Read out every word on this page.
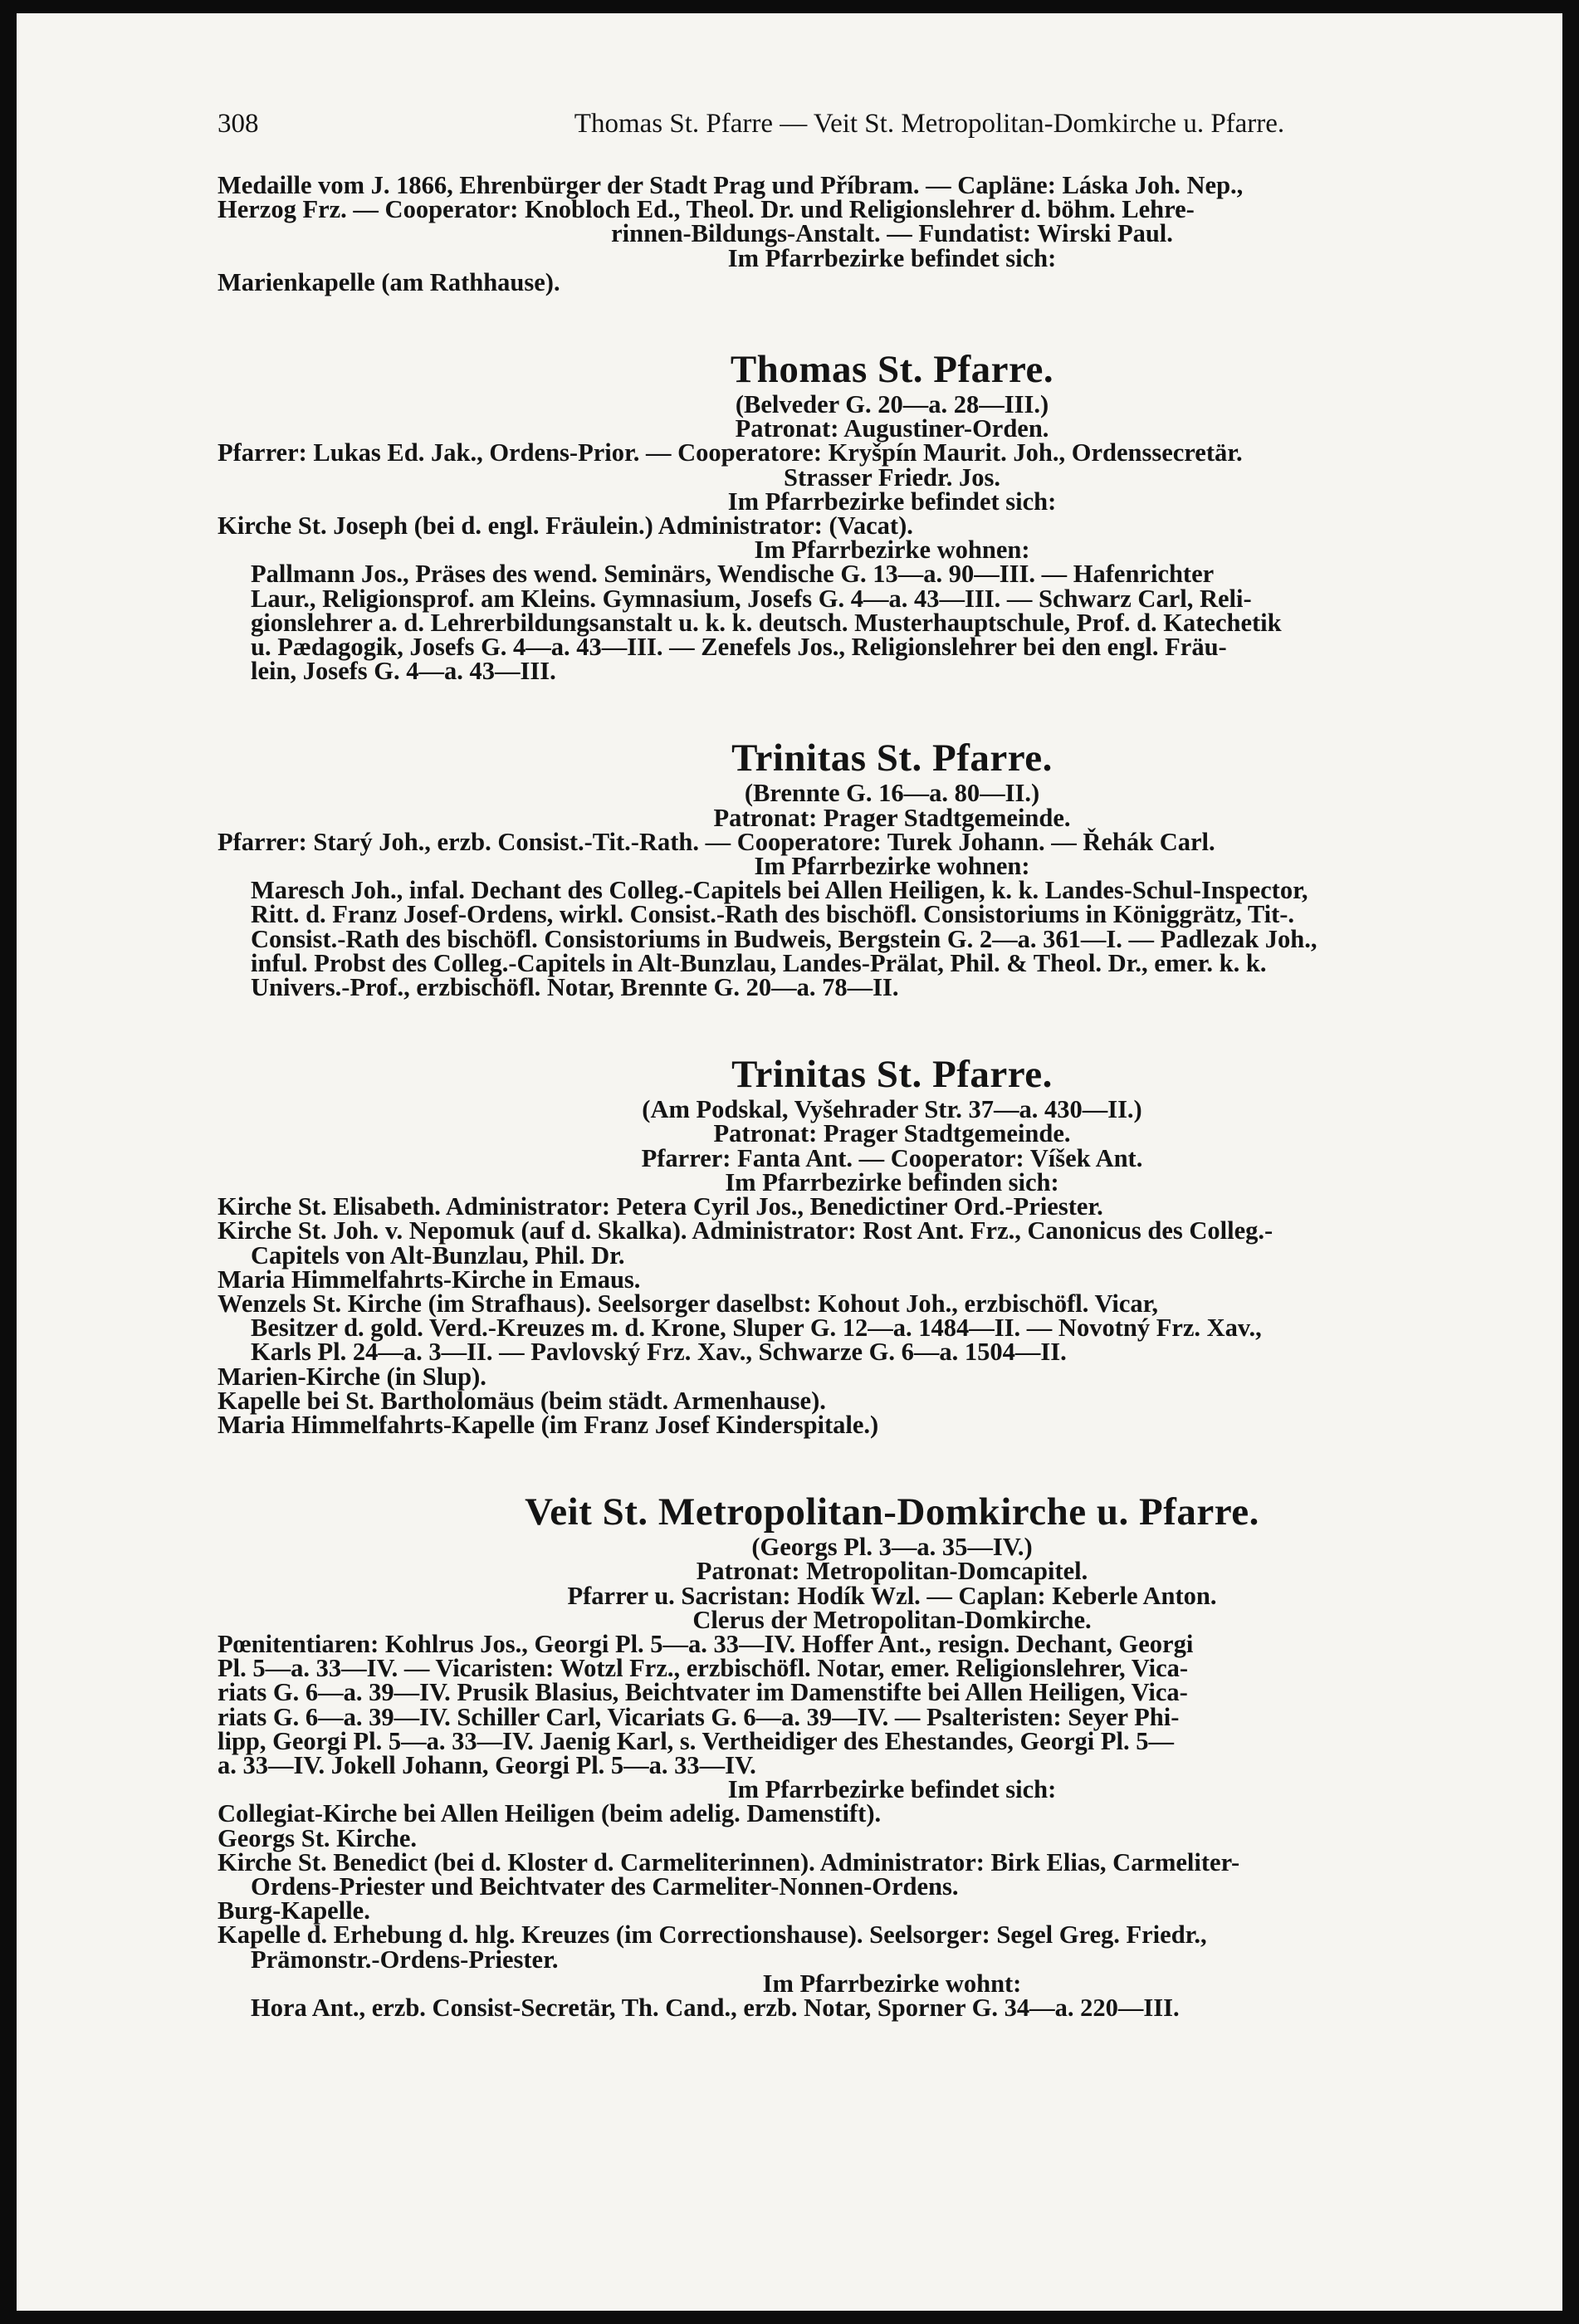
308	Thomas St. Pfarre — Veit St. Metropolitan-Domkirche u. Pfarre.

Medaille vom J. 1866, Ehrenbürger der Stadt Prag und Příbram. — Capläne: Láska Joh. Nep.,

Herzog Frz. — Cooperator: Knobloch Ed., Theol. Dr. und Religionslehrer d. böhm. Lehre-

rinnen-Bildungs-Anstalt. — Fundatist: Wirski Paul.

Im Pfarrbezirke befindet sich:

Marienkapelle (am Rathhause).

Thomas St. Pfarre.

(Belveder G. 20—a. 28—III.)

Patronat: Augustiner-Orden.

Pfarrer: Lukas Ed. Jak., Ordens-Prior. — Cooperatore: Kryšpín Maurit. Joh., Ordenssecretär.

Strasser Friedr. Jos.

Im Pfarrbezirke befindet sich:

Kirche St. Joseph (bei d. engl. Fräulein.) Administrator: (Vacat).

Im Pfarrbezirke wohnen:

Pallmann Jos., Präses des wend. Seminärs, Wendische G. 13—a. 90—III. — Hafenrichter

Laur., Religionsprof. am Kleins. Gymnasium, Josefs G. 4—a. 43—III. — Schwarz Carl, Reli-

gionslehrer a. d. Lehrerbildungsanstalt u. k. k. deutsch. Musterhauptschule, Prof. d. Katechetik

u. Pædagogik, Josefs G. 4—a. 43—III. — Zenefels Jos., Religionslehrer bei den engl. Fräu-

lein, Josefs G. 4—a. 43—III.

Trinitas St. Pfarre.

(Brennte G. 16—a. 80—II.)

Patronat: Prager Stadtgemeinde.

Pfarrer: Starý Joh., erzb. Consist.-Tit.-Rath. — Cooperatore: Turek Johann. — Řehák Carl.

Im Pfarrbezirke wohnen:

Maresch Joh., infal. Dechant des Colleg.-Capitels bei Allen Heiligen, k. k. Landes-Schul-Inspector,

Ritt. d. Franz Josef-Ordens, wirkl. Consist.-Rath des bischöfl. Consistoriums in Königgrätz, Tit-.

Consist.-Rath des bischöfl. Consistoriums in Budweis, Bergstein G. 2—a. 361—I. — Padlezak Joh.,

inful. Probst des Colleg.-Capitels in Alt-Bunzlau, Landes-Prälat, Phil. & Theol. Dr., emer. k. k.

Univers.-Prof., erzbischöfl. Notar, Brennte G. 20—a. 78—II.

Trinitas St. Pfarre.

(Am Podskal, Vyšehrader Str. 37—a. 430—II.)

Patronat: Prager Stadtgemeinde.

Pfarrer: Fanta Ant. — Cooperator: Víšek Ant.

Im Pfarrbezirke befinden sich:

Kirche St. Elisabeth. Administrator: Petera Cyril Jos., Benedictiner Ord.-Priester.

Kirche St. Joh. v. Nepomuk (auf d. Skalka). Administrator: Rost Ant. Frz., Canonicus des Colleg.-

Capitels von Alt-Bunzlau, Phil. Dr.

Maria Himmelfahrts-Kirche in Emaus.

Wenzels St. Kirche (im Strafhaus). Seelsorger daselbst: Kohout Joh., erzbischöfl. Vicar,

Besitzer d. gold. Verd.-Kreuzes m. d. Krone, Sluper G. 12—a. 1484—II. — Novotný Frz. Xav.,

Karls Pl. 24—a. 3—II. — Pavlovský Frz. Xav., Schwarze G. 6—a. 1504—II.

Marien-Kirche (in Slup).

Kapelle bei St. Bartholomäus (beim städt. Armenhause).

Maria Himmelfahrts-Kapelle (im Franz Josef Kinderspitale.)

Veit St. Metropolitan-Domkirche u. Pfarre.

(Georgs Pl. 3—a. 35—IV.)

Patronat: Metropolitan-Domcapitel.

Pfarrer u. Sacristan: Hodík Wzl. — Caplan: Keberle Anton.

Clerus der Metropolitan-Domkirche.

Pœnitentiaren: Kohlrus Jos., Georgi Pl. 5—a. 33—IV. Hoffer Ant., resign. Dechant, Georgi

Pl. 5—a. 33—IV. — Vicaristen: Wotzl Frz., erzbischöfl. Notar, emer. Religionslehrer, Vica-

riats G. 6—a. 39—IV. Prusik Blasius, Beichtvater im Damenstifte bei Allen Heiligen, Vica-

riats G. 6—a. 39—IV. Schiller Carl, Vicariats G. 6—a. 39—IV. — Psalteristen: Seyer Phi-

lipp, Georgi Pl. 5—a. 33—IV. Jaenig Karl, s. Vertheidiger des Ehestandes, Georgi Pl. 5—

a. 33—IV. Jokell Johann, Georgi Pl. 5—a. 33—IV.

Im Pfarrbezirke befindet sich:

Collegiat-Kirche bei Allen Heiligen (beim adelig. Damenstift).

Georgs St. Kirche.

Kirche St. Benedict (bei d. Kloster d. Carmeliterinnen). Administrator: Birk Elias, Carmeliter-

Ordens-Priester und Beichtvater des Carmeliter-Nonnen-Ordens.

Burg-Kapelle.

Kapelle d. Erhebung d. hlg. Kreuzes (im Correctionshause). Seelsorger: Segel Greg. Friedr.,

Prämonstr.-Ordens-Priester.

Im Pfarrbezirke wohnt:

Hora Ant., erzb. Consist-Secretär, Th. Cand., erzb. Notar, Sporner G. 34—a. 220—III.
